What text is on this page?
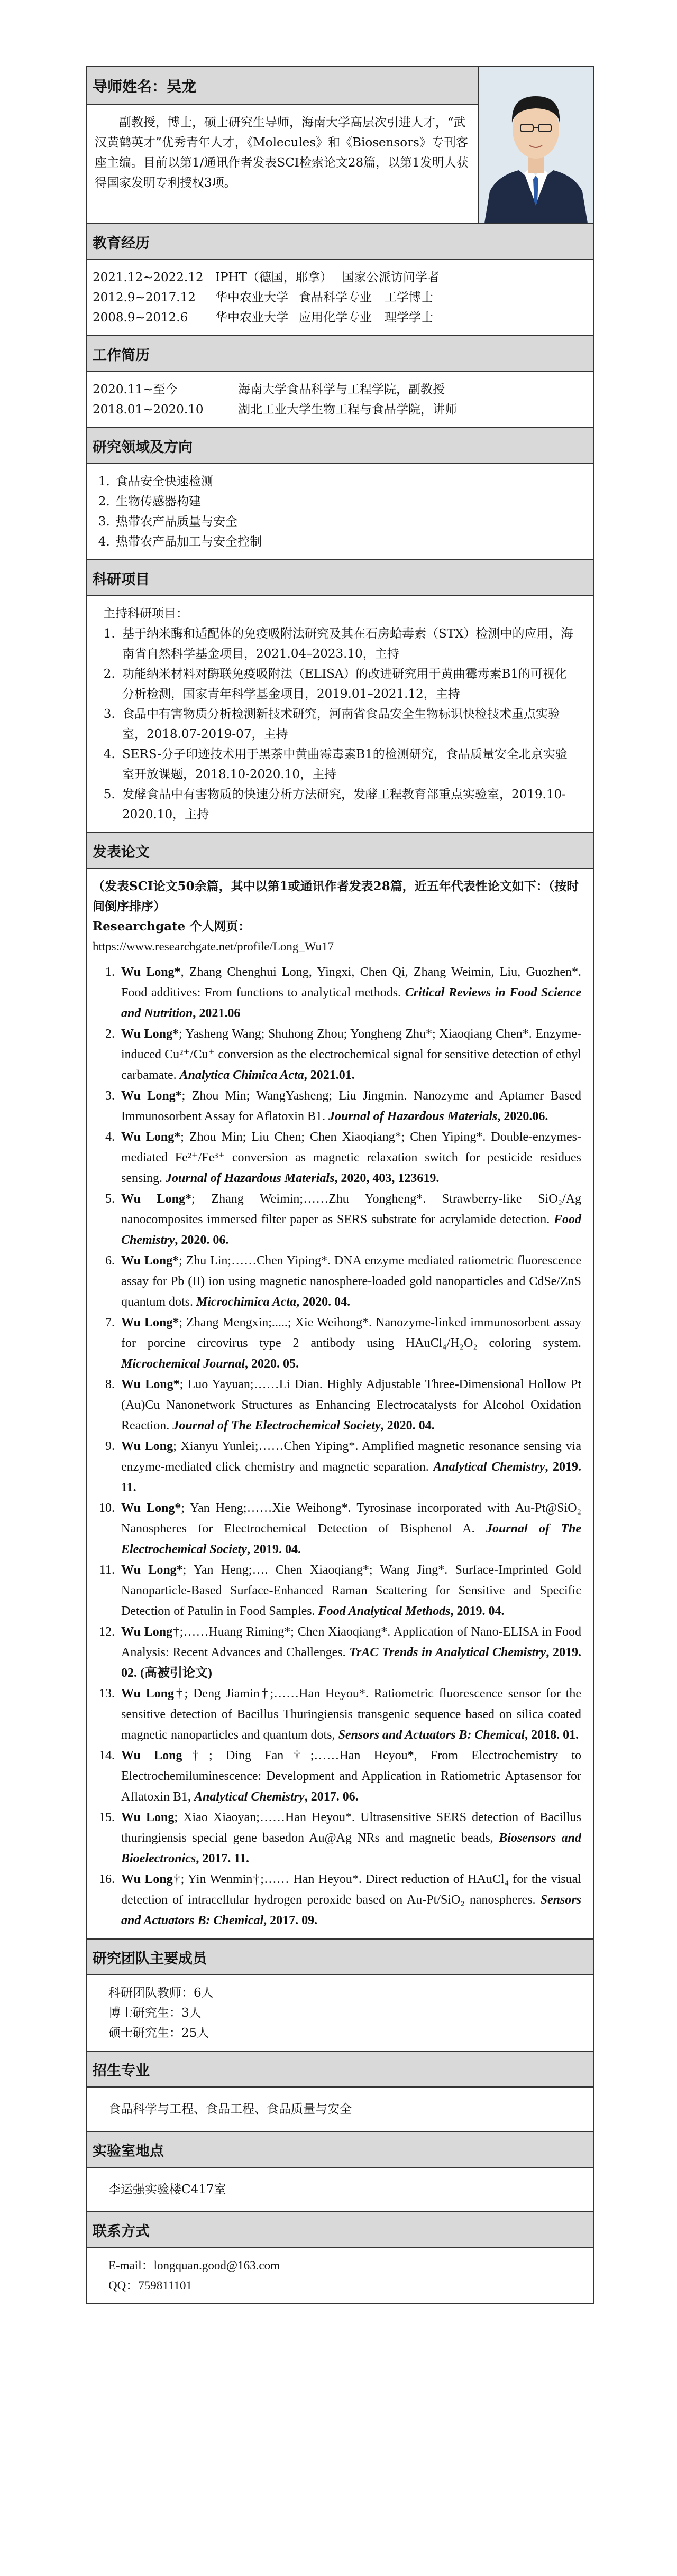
导师姓名：吴龙
副教授，博士，硕士研究生导师，海南大学高层次引进人才，“武汉黄鹤英才”优秀青年人才，《Molecules》和《Biosensors》专刊客座主编。目前以第1/通讯作者发表SCI检索论文28篇，以第1发明人获得国家发明专利授权3项。
教育经历
2021.12~2022.12 IPHT（德国，耶拿） 国家公派访问学者
2012.9~2017.12	华中农业大学 食品科学专业	工学博士
2008.9~2012.6	华中农业大学 应用化学专业	理学学士
工作简历
2020.11~至今	海南大学食品科学与工程学院，副教授
2018.01~2020.10	湖北工业大学生物工程与食品学院，讲师
研究领域及方向
1. 食品安全快速检测
2. 生物传感器构建
3. 热带农产品质量与安全
4. 热带农产品加工与安全控制
科研项目
主持科研项目：
1. 基于纳米酶和适配体的免疫吸附法研究及其在石房蛤毒素（STX）检测中的应用，海南省自然科学基金项目，2021.04–2023.10，主持
2. 功能纳米材料对酶联免疫吸附法（ELISA）的改进研究用于黄曲霉毒素B1的可视化分析检测，国家青年科学基金项目，2019.01–2021.12，主持
3. 食品中有害物质分析检测新技术研究，河南省食品安全生物标识快检技术重点实验室，2018.07-2019-07，主持
4. SERS-分子印迹技术用于黑茶中黄曲霉毒素B1的检测研究，食品质量安全北京实验室开放课题，2018.10-2020.10，主持
5. 发酵食品中有害物质的快速分析方法研究，发酵工程教育部重点实验室，2019.10-2020.10，主持
发表论文
（发表SCI论文50余篇，其中以第1或通讯作者发表28篇，近五年代表性论文如下：（按时间倒序排序）
Researchgate 个人网页：
https://www.researchgate.net/profile/Long_Wu17
1. Wu Long*, Zhang Chenghui Long, Yingxi, Chen Qi, Zhang Weimin, Liu, Guozhen*. Food additives: From functions to analytical methods. Critical Reviews in Food Science and Nutrition, 2021.06
2. Wu Long*; Yasheng Wang; Shuhong Zhou; Yongheng Zhu*; Xiaoqiang Chen*. Enzyme-induced Cu²⁺/Cu⁺ conversion as the electrochemical signal for sensitive detection of ethyl carbamate. Analytica Chimica Acta, 2021.01.
3. Wu Long*; Zhou Min; WangYasheng; Liu Jingmin. Nanozyme and Aptamer Based Immunosorbent Assay for Aflatoxin B1. Journal of Hazardous Materials, 2020.06.
4. Wu Long*; Zhou Min; Liu Chen; Chen Xiaoqiang*; Chen Yiping*. Double-enzymes-mediated Fe²⁺/Fe³⁺ conversion as magnetic relaxation switch for pesticide residues sensing. Journal of Hazardous Materials, 2020, 403, 123619.
5. Wu Long*; Zhang Weimin;……Zhu Yongheng*. Strawberry-like SiO₂/Ag nanocomposites immersed filter paper as SERS substrate for acrylamide detection. Food Chemistry, 2020. 06.
6. Wu Long*; Zhu Lin;……Chen Yiping*. DNA enzyme mediated ratiometric fluorescence assay for Pb (II) ion using magnetic nanosphere-loaded gold nanoparticles and CdSe/ZnS quantum dots. Microchimica Acta, 2020. 04.
7. Wu Long*; Zhang Mengxin;.....; Xie Weihong*. Nanozyme-linked immunosorbent assay for porcine circovirus type 2 antibody using HAuCl₄/H₂O₂ coloring system. Microchemical Journal, 2020. 05.
8. Wu Long*; Luo Yayuan;……Li Dian. Highly Adjustable Three-Dimensional Hollow Pt (Au)Cu Nanonetwork Structures as Enhancing Electrocatalysts for Alcohol Oxidation Reaction. Journal of The Electrochemical Society, 2020. 04.
9. Wu Long; Xianyu Yunlei;……Chen Yiping*. Amplified magnetic resonance sensing via enzyme-mediated click chemistry and magnetic separation. Analytical Chemistry, 2019. 11.
10. Wu Long*; Yan Heng;……Xie Weihong*. Tyrosinase incorporated with Au-Pt@SiO₂ Nanospheres for Electrochemical Detection of Bisphenol A. Journal of The Electrochemical Society, 2019. 04.
11. Wu Long*; Yan Heng;…. Chen Xiaoqiang*; Wang Jing*. Surface-Imprinted Gold Nanoparticle-Based Surface-Enhanced Raman Scattering for Sensitive and Specific Detection of Patulin in Food Samples. Food Analytical Methods, 2019. 04.
12. Wu Long†;……Huang Riming*; Chen Xiaoqiang*. Application of Nano-ELISA in Food Analysis: Recent Advances and Challenges. TrAC Trends in Analytical Chemistry, 2019. 02. (高被引论文)
13. Wu Long†; Deng Jiamin†;……Han Heyou*. Ratiometric fluorescence sensor for the sensitive detection of Bacillus Thuringiensis transgenic sequence based on silica coated magnetic nanoparticles and quantum dots, Sensors and Actuators B: Chemical, 2018. 01.
14. Wu Long†; Ding Fan†;……Han Heyou*, From Electrochemistry to Electrochemiluminescence: Development and Application in Ratiometric Aptasensor for Aflatoxin B1, Analytical Chemistry, 2017. 06.
15. Wu Long; Xiao Xiaoyan;……Han Heyou*. Ultrasensitive SERS detection of Bacillus thuringiensis special gene basedon Au@Ag NRs and magnetic beads, Biosensors and Bioelectronics, 2017. 11.
16. Wu Long†; Yin Wenmin†;…… Han Heyou*. Direct reduction of HAuCl₄ for the visual detection of intracellular hydrogen peroxide based on Au-Pt/SiO₂ nanospheres. Sensors and Actuators B: Chemical, 2017. 09.
研究团队主要成员
科研团队教师：6人
博士研究生：3人
硕士研究生：25人
招生专业
食品科学与工程、食品工程、食品质量与安全
实验室地点
李运强实验楼C417室
联系方式
E-mail：longquan.good@163.com
QQ：759811101
